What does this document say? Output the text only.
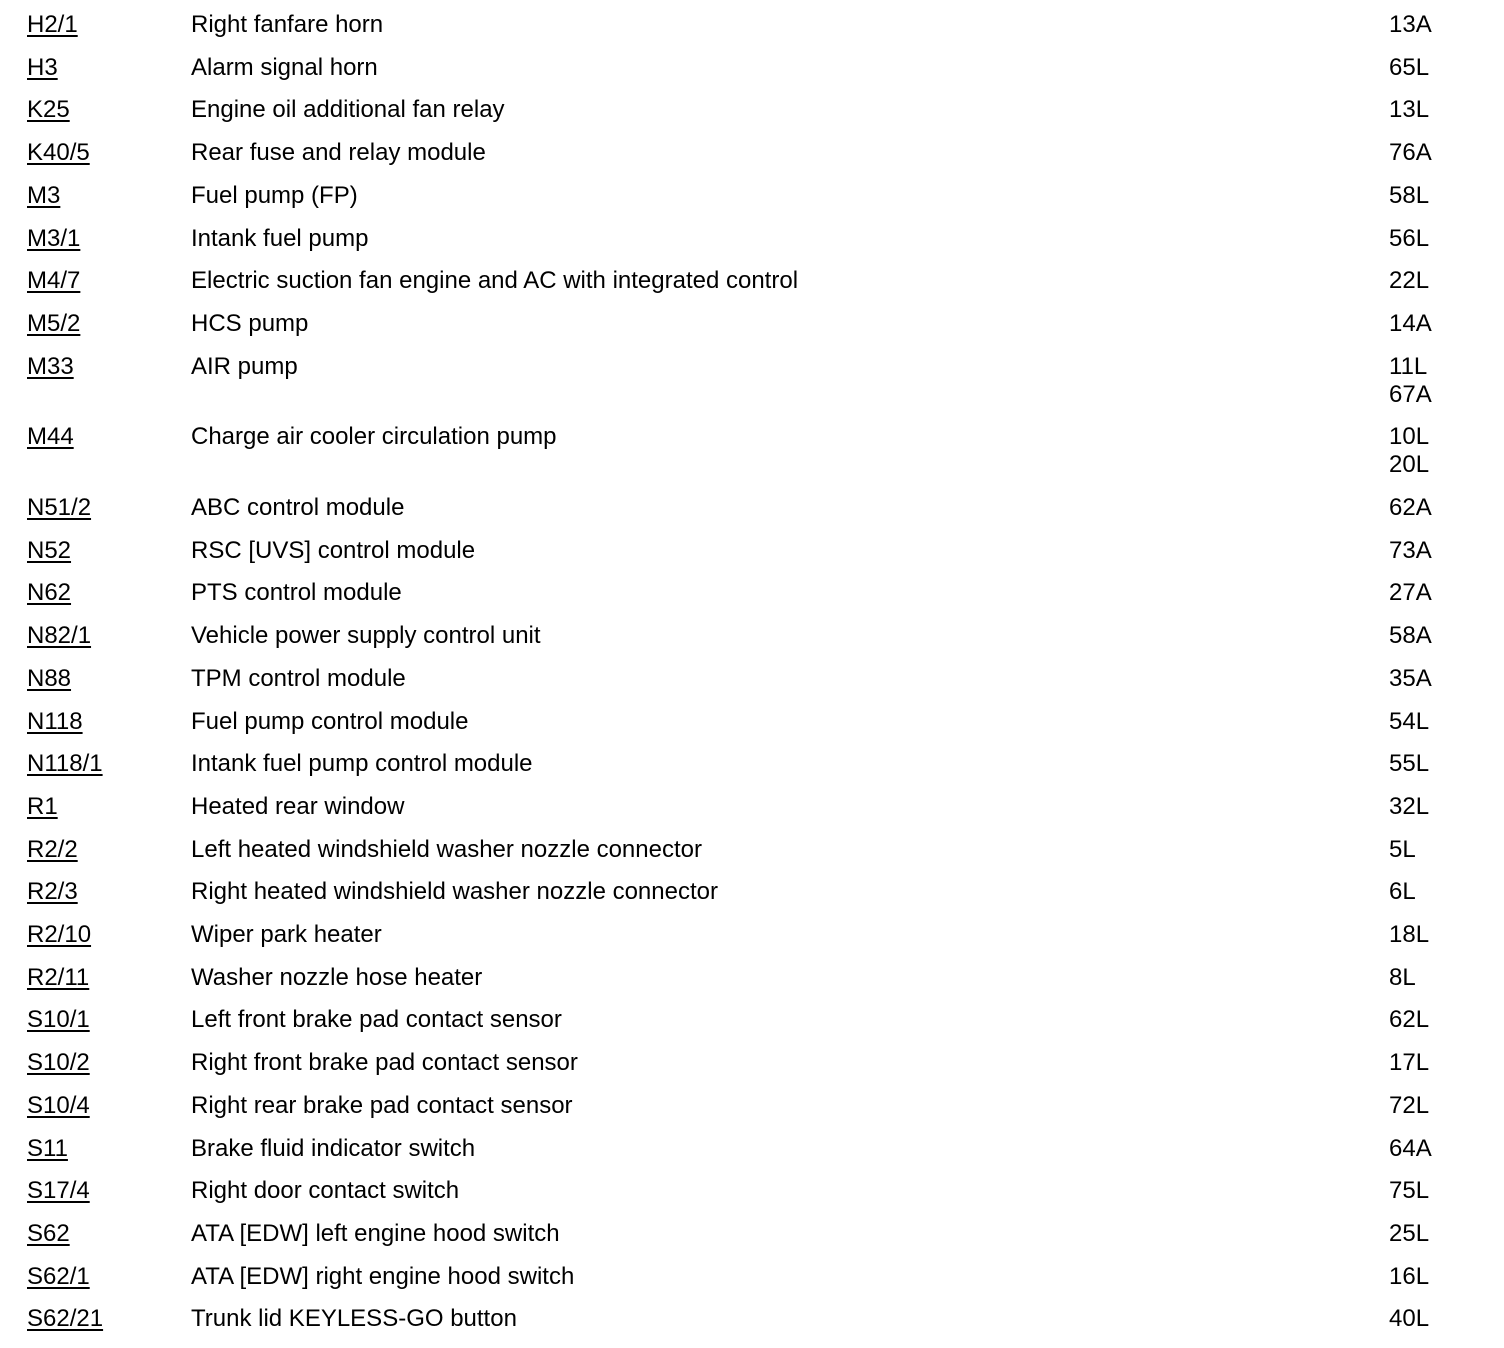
H2/1	Right fanfare horn	13A
H3	Alarm signal horn	65L
K25	Engine oil additional fan relay	13L
K40/5	Rear fuse and relay module	76A
M3	Fuel pump (FP)	58L
M3/1	Intank fuel pump	56L
M4/7	Electric suction fan engine and AC with integrated control	22L
M5/2	HCS pump	14A
M33	AIR pump	11L
67A
M44	Charge air cooler circulation pump	10L
20L
N51/2	ABC control module	62A
N52	RSC [UVS] control module	73A
N62	PTS control module	27A
N82/1	Vehicle power supply control unit	58A
N88	TPM control module	35A
N118	Fuel pump control module	54L
N118/1	Intank fuel pump control module	55L
R1	Heated rear window	32L
R2/2	Left heated windshield washer nozzle connector	5L
R2/3	Right heated windshield washer nozzle connector	6L
R2/10	Wiper park heater	18L
R2/11	Washer nozzle hose heater	8L
S10/1	Left front brake pad contact sensor	62L
S10/2	Right front brake pad contact sensor	17L
S10/4	Right rear brake pad contact sensor	72L
S11	Brake fluid indicator switch	64A
S17/4	Right door contact switch	75L
S62	ATA [EDW] left engine hood switch	25L
S62/1	ATA [EDW] right engine hood switch	16L
S62/21	Trunk lid KEYLESS-GO button	40L
